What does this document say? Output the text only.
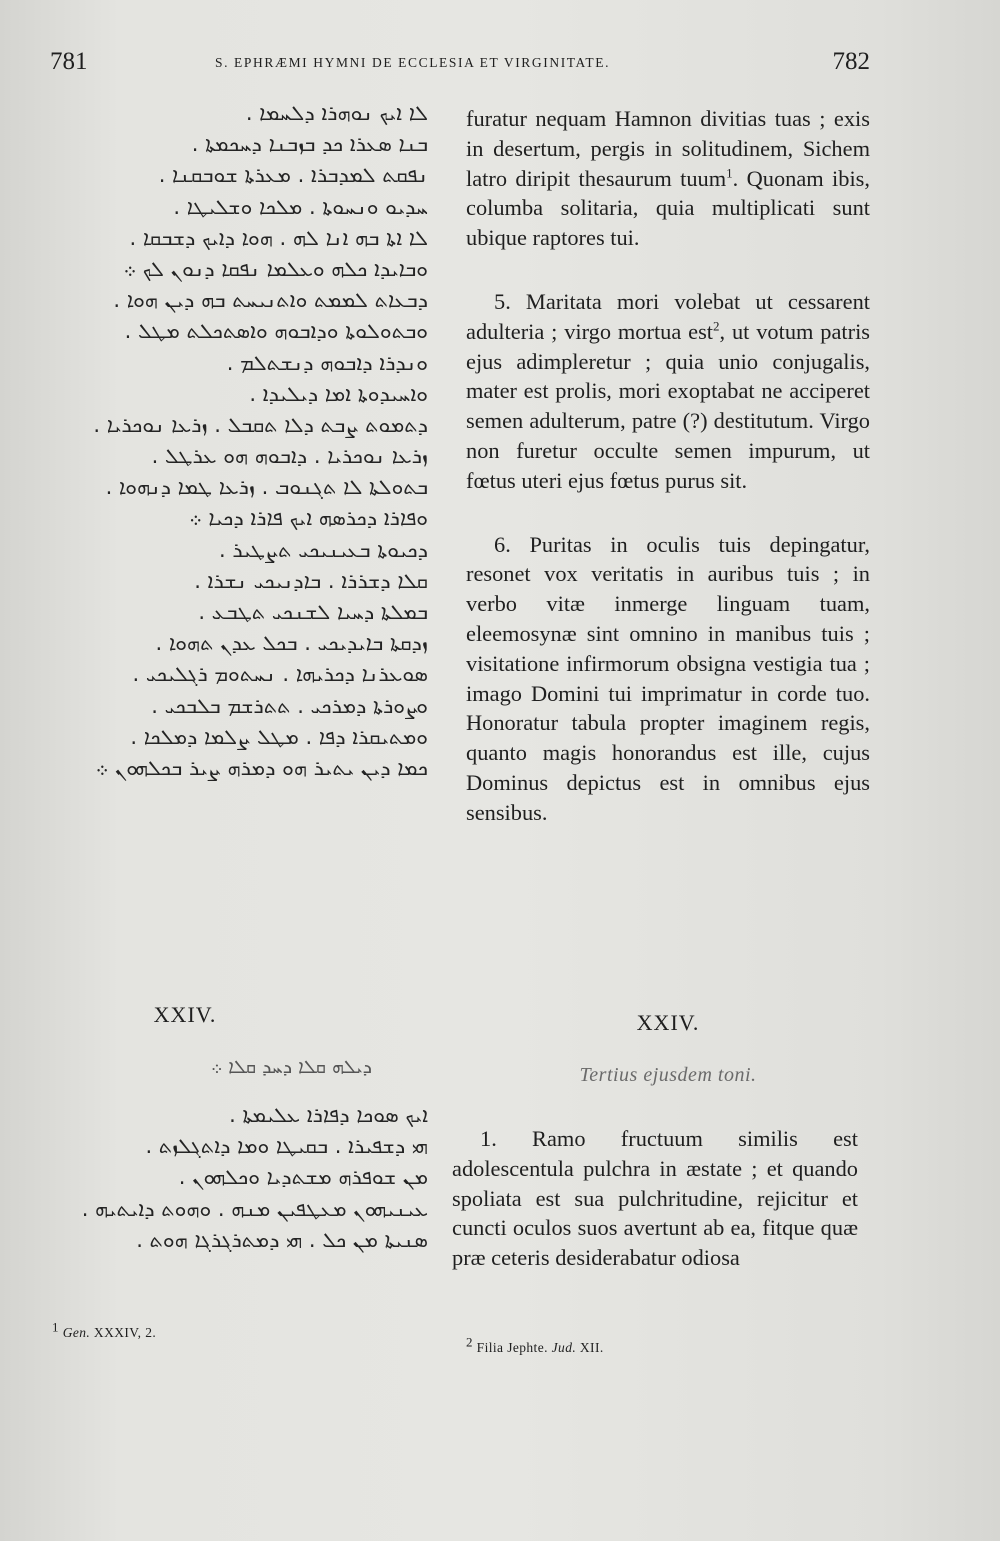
781	S. EPHRÆMI HYMNI DE ECCLESIA ET VIRGINITATE.	782
ܠܐ ܐܝܟ ܢܘܗܪܐ ܕܠܚܡܐ .
ܒܢܐ ܣܥܪܐ ܟܕ ܒܙܒܢܐ ܕܚܟܡܬܐ .
ܢܦܩܬ ܠܡܕܒܪܐ . ܡܥܪܬܐ ܫܘܒܩܢܐ .
ܚܕܝܘ ܘܢܚܘܬܐ . ܡܠܟܐ ܘܫܠܝܛܐ .
ܠܐ ܐܬܐ ܒܗ ܐܢܐ ܠܗ . ܗܘܐ ܕܐܝܟ ܕܫܒܩܐ .
ܘܒܐܝܕܐ ܟܠܗ ܘܥܠܡܐ ܢܦܩܐ ܕܢܘܢ ܠܟ ܀
ܕܒܥܐܬ ܠܡܡܬ ܘܐܬܢܝܚܬ ܒܗ ܕܝܢ ܗܘܐ .
ܘܒܬܘܠܘܬܐ ܘܕܐܒܘܗ ܘܐܣܬܟܠܬ ܡܛܠ .
ܘܢܕܪܐ ܕܐܒܘܗ ܕܢܫܬܠܡ .
ܘܐܚܝܕܘܬܐ ܐܡܐ ܕܝܠܝܕܐ .
ܕܬܡܘܬ ܨܒܬ ܕܠܐ ܬܩܒܠ . ܙܪܥܐ ܢܘܟܪܝܐ .
ܙܪܥܐ ܢܘܟܪܝܐ . ܕܐܒܘܗ ܗܘ ܥܪܛܠ .
ܒܬܘܠܬܐ ܠܐ ܬܓܢܘܒ . ܙܪܥܐ ܛܡܐ ܕܢܗܘܐ .
ܘܦܐܪܐ ܕܟܪܣܗ ܐܝܟ ܦܐܪܐ ܕܟܝܐ ܀
ܕܟܝܘܬܐ ܒܥܝܢܝܟܝ ܬܨܛܝܪ .
ܩܠܐ ܕܫܪܪܐ . ܒܐܕܢܝܟܝ ܢܫܪܐ .
ܒܡܠܬܐ ܕܚܝܐ ܠܫܢܟܝ ܬܛܒܥ .
ܙܕܩܬܐ ܒܐܝܕܝܟܝ . ܒܟܠ ܥܕܢ ܬܗܘܐ .
ܣܘܥܪܢܐ ܕܟܪܝܗܐ . ܢܚܬܘܡ ܪܓܠܝܟܝ .
ܘܨܘܪܬܐ ܕܡܪܟܝ . ܬܬܪܫܡ ܒܠܒܟܝ .
ܘܡܬܝܩܪܐ ܕܦܐ . ܡܛܠ ܨܠܡܐ ܕܡܠܟܐ .
ܟܡܐ ܕܝܢ ܝܬܝܪ ܗܘ ܕܡܪܗ ܨܝܪ ܒܟܠܗܘܢ ܀
XXIV.
ܕܝܠܗ ܩܠܐ ܕܚܕ ܩܠܐ ܀
ܐܝܟ ܣܘܟܐ ܕܦܐܪܐ ܥܠܝܡܬܐ .
ܗܝ ܕܫܦܝܪܐ . ܒܩܝܛܐ ܘܡܐ ܕܐܬܓܠܙܬ .
ܡܢ ܫܘܦܪܗ ܡܫܬܕܝܐ ܘܟܠܗܘܢ .
ܥܝܢܝܗܘܢ ܡܥܛܦܝܢ ܡܢܗ . ܘܗܘܬ ܕܐܝܬܝܗ .
ܣܢܝܬܐ ܡܢ ܟܠ . ܗܝ ܕܡܬܪܓܪܓܐ ܗܘܬ .

furatur nequam Hamnon divitias tuas ; exis in desertum, pergis in solitudinem, Sichem latro diripit thesaurum tuum$^1$. Quonam ibis, columba solitaria, quia multiplicati sunt ubique raptores tui.

5. Maritata mori volebat ut cessarent adulteria ; virgo mortua est$^2$, ut votum patris ejus adimpleretur ; quia unio conjugalis, mater est prolis, mori exoptabat ne acciperet semen adulterum, patre (?) destitutum. Virgo non furetur occulte semen impurum, ut fœtus uteri ejus fœtus purus sit.

6. Puritas in oculis tuis depingatur, resonet vox veritatis in auribus tuis ; in verbo vitæ inmerge linguam tuam, eleemosynæ sint omnino in manibus tuis ; visitatione infirmorum obsigna vestigia tua ; imago Domini tui imprimatur in corde tuo. Honoratur tabula propter imaginem regis, quanto magis honorandus est ille, cujus Dominus depictus est in omnibus ejus sensibus.

XXIV.
Tertius ejusdem toni.

1. Ramo fructuum similis est adolescentula pulchra in æstate ; et quando spoliata est sua pulchritudine, rejicitur et cuncti oculos suos avertunt ab ea, fitque quæ præ ceteris desiderabatur odiosa

$^1$ Gen. XXXIV, 2.
$^2$ Filia Jephte. Jud. XII.
